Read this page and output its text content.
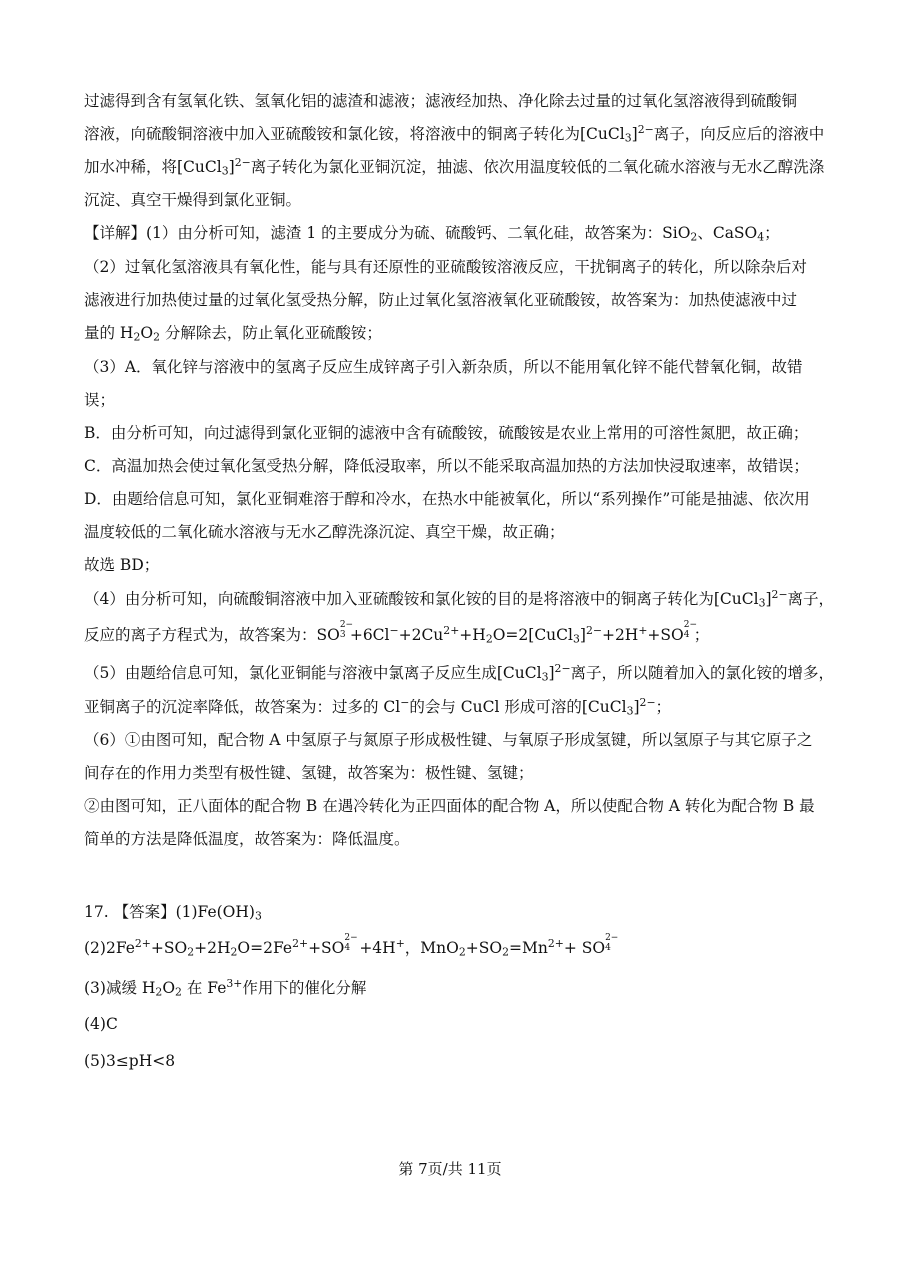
过滤得到含有氢氧化铁、氢氧化铝的滤渣和滤液；滤液经加热、净化除去过量的过氧化氢溶液得到硫酸铜
溶液，向硫酸铜溶液中加入亚硫酸铵和氯化铵，将溶液中的铜离子转化为[CuCl$_3$]$^{2-}$离子，向反应后的溶液中
加水冲稀，将[CuCl$_3$]$^{2-}$离子转化为氯化亚铜沉淀，抽滤、依次用温度较低的二氧化硫水溶液与无水乙醇洗涤
沉淀、真空干燥得到氯化亚铜。
【详解】(1）由分析可知，滤渣 1 的主要成分为硫、硫酸钙、二氧化硅，故答案为：SiO$_2$、CaSO$_4$；
（2）过氧化氢溶液具有氧化性，能与具有还原性的亚硫酸铵溶液反应，干扰铜离子的转化，所以除杂后对
滤液进行加热使过量的过氧化氢受热分解，防止过氧化氢溶液氧化亚硫酸铵，故答案为：加热使滤液中过
量的 $H_2O_2$ 分解除去，防止氧化亚硫酸铵；
（3）A．氧化锌与溶液中的氢离子反应生成锌离子引入新杂质，所以不能用氧化锌不能代替氧化铜，故错
误；
B．由分析可知，向过滤得到氯化亚铜的滤液中含有硫酸铵，硫酸铵是农业上常用的可溶性氮肥，故正确；
C．高温加热会使过氧化氢受热分解，降低浸取率，所以不能采取高温加热的方法加快浸取速率，故错误；
D．由题给信息可知，氯化亚铜难溶于醇和冷水，在热水中能被氧化，所以“系列操作”可能是抽滤、依次用
温度较低的二氧化硫水溶液与无水乙醇洗涤沉淀、真空干燥，故正确；
故选 BD；
（4）由分析可知，向硫酸铜溶液中加入亚硫酸铵和氯化铵的目的是将溶液中的铜离子转化为[CuCl$_3$]$^{2-}$离子，
反应的离子方程式为，故答案为：SO
2−
$3 +6Cl^-+2Cu^{2+}+H_2O=2[CuCl_3]^{2-}+2H^++SO$
2−
4 ；
（5）由题给信息可知，氯化亚铜能与溶液中氯离子反应生成[CuCl$_3$]$^{2-}$离子，所以随着加入的氯化铵的增多，
亚铜离子的沉淀率降低，故答案为：过多的 Cl−的会与 CuCl 形成可溶的[CuCl$_3$]$^{2-}$；
（6）①由图可知，配合物 A 中氢原子与氮原子形成极性键、与氧原子形成氢键，所以氢原子与其它原子之
间存在的作用力类型有极性键、氢键，故答案为：极性键、氢键；
②由图可知，正八面体的配合物 B 在遇冷转化为正四面体的配合物 A，所以使配合物 A 转化为配合物 B 最
简单的方法是降低温度，故答案为：降低温度。
17. 【答案】$(1)Fe(OH)_3$
$(2)2Fe^{2+}+SO_2+2H_2O=2Fe^{2+}+SO$
2−
4 +4H+，$MnO_2+SO_2=Mn^{2+}+$ SO
2−
4
(3)减缓 $H_2O_2$ 在 $Fe^{3+}$作用下的催化分解
(4)C
(5)3≤pH<8
第 7页/共 11页
